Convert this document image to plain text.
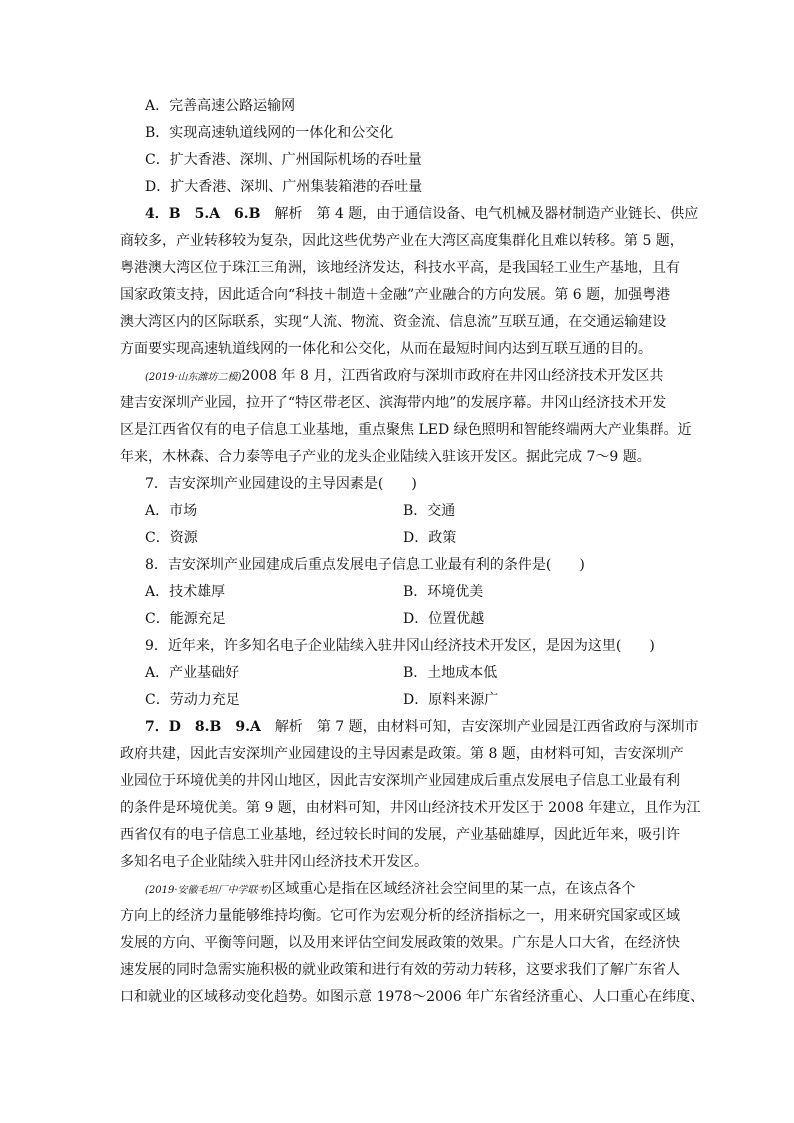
A．完善高速公路运输网
B．实现高速轨道线网的一体化和公交化
C．扩大香港、深圳、广州国际机场的吞吐量
D．扩大香港、深圳、广州集装箱港的吞吐量
4．B　5.A　6.B　 解析　 第 4 题，由于通信设备、电气机械及器材制造产业链长、供应
商较多，产业转移较为复杂，因此这些优势产业在大湾区高度集群化且难以转移。第 5 题，
粤港澳大湾区位于珠江三角洲，该地经济发达，科技水平高，是我国轻工业生产基地，且有
国家政策支持，因此适合向“科技＋制造＋金融”产业融合的方向发展。第 6 题，加强粤港
澳大湾区内的区际联系，实现“人流、物流、资金流、信息流”互联互通，在交通运输建设
方面要实现高速轨道线网的一体化和公交化，从而在最短时间内达到互联互通的目的。
(2019·山东潍坊二模)2008 年 8 月，江西省政府与深圳市政府在井冈山经济技术开发区共
建吉安深圳产业园，拉开了“特区带老区、滨海带内地”的发展序幕。井冈山经济技术开发
区是江西省仅有的电子信息工业基地，重点聚焦 LED 绿色照明和智能终端两大产业集群。近
年来，木林森、合力泰等电子产业的龙头企业陆续入驻该开发区。据此完成 7～9 题。
7．吉安深圳产业园建设的主导因素是(　　)
A．市场	B．交通
C．资源	D．政策
8．吉安深圳产业园建成后重点发展电子信息工业最有利的条件是(　　)
A．技术雄厚	B．环境优美
C．能源充足	D．位置优越
9．近年来，许多知名电子企业陆续入驻井冈山经济技术开发区，是因为这里(　　)
A．产业基础好	B．土地成本低
C．劳动力充足	D．原料来源广
7．D　8.B　9.A　 解析　 第 7 题，由材料可知，吉安深圳产业园是江西省政府与深圳市
政府共建，因此吉安深圳产业园建设的主导因素是政策。第 8 题，由材料可知，吉安深圳产
业园位于环境优美的井冈山地区，因此吉安深圳产业园建成后重点发展电子信息工业最有利
的条件是环境优美。第 9 题，由材料可知，井冈山经济技术开发区于 2008 年建立，且作为江
西省仅有的电子信息工业基地，经过较长时间的发展，产业基础雄厚，因此近年来，吸引许
多知名电子企业陆续入驻井冈山经济技术开发区。
(2019·安徽毛坦厂中学联考)区域重心是指在区域经济社会空间里的某一点，在该点各个
方向上的经济力量能够维持均衡。它可作为宏观分析的经济指标之一，用来研究国家或区域
发展的方向、平衡等问题，以及用来评估空间发展政策的效果。广东是人口大省，在经济快
速发展的同时急需实施积极的就业政策和进行有效的劳动力转移，这要求我们了解广东省人
口和就业的区域移动变化趋势。如图示意 1978～2006 年广东省经济重心、人口重心在纬度、
